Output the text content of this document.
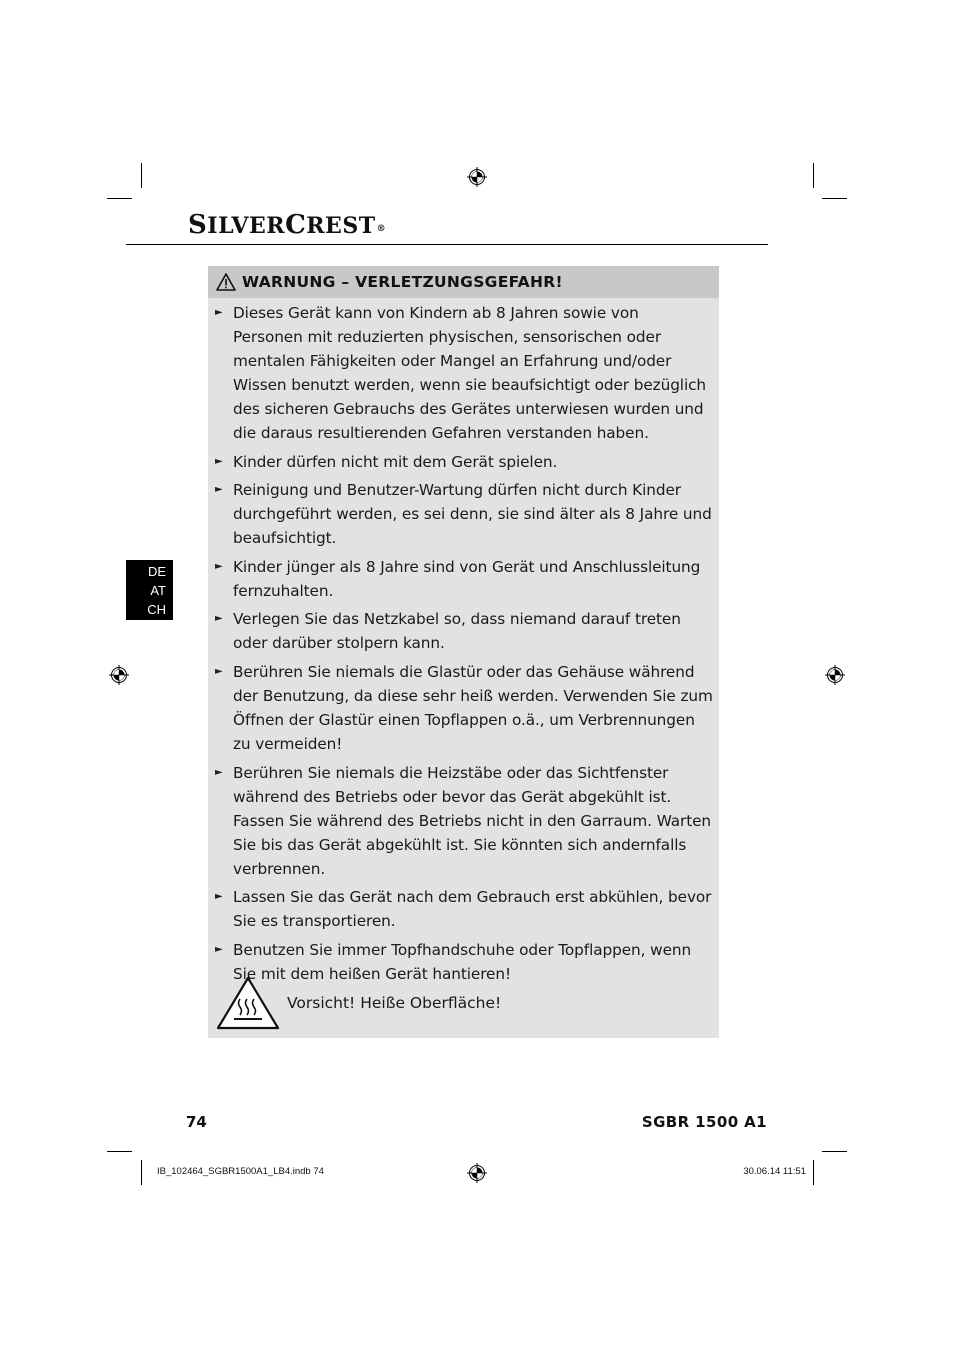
SILVERCREST®
DE
AT
CH
WARNUNG – VERLETZUNGSGEFAHR!
► Dieses Gerät kann von Kindern ab 8 Jahren sowie von Personen mit reduzierten physischen, sensorischen oder mentalen Fähigkeiten oder Mangel an Erfahrung und/oder Wissen benutzt werden, wenn sie beaufsichtigt oder bezüglich des sicheren Gebrauchs des Gerätes unterwiesen wurden und die daraus resultierenden Gefahren verstanden haben.
► Kinder dürfen nicht mit dem Gerät spielen.
► Reinigung und Benutzer-Wartung dürfen nicht durch Kinder durchgeführt werden, es sei denn, sie sind älter als 8 Jahre und beaufsichtigt.
► Kinder jünger als 8 Jahre sind von Gerät und Anschlussleitung fernzuhalten.
► Verlegen Sie das Netzkabel so, dass niemand darauf treten oder darüber stolpern kann.
► Berühren Sie niemals die Glastür oder das Gehäuse während der Benutzung, da diese sehr heiß werden. Verwenden Sie zum Öffnen der Glastür einen Topflappen o.ä., um Verbrennungen zu vermeiden!
► Berühren Sie niemals die Heizstäbe oder das Sichtfenster während des Betriebs oder bevor das Gerät abgekühlt ist. Fassen Sie während des Betriebs nicht in den Garraum. Warten Sie bis das Gerät abgekühlt ist. Sie könnten sich andernfalls verbrennen.
► Lassen Sie das Gerät nach dem Gebrauch erst abkühlen, bevor Sie es transportieren.
► Benutzen Sie immer Topfhandschuhe oder Topflappen, wenn Sie mit dem heißen Gerät hantieren!
Vorsicht! Heiße Oberfläche!
74	SGBR 1500 A1
IB_102464_SGBR1500A1_LB4.indb 74	30.06.14 11:51
